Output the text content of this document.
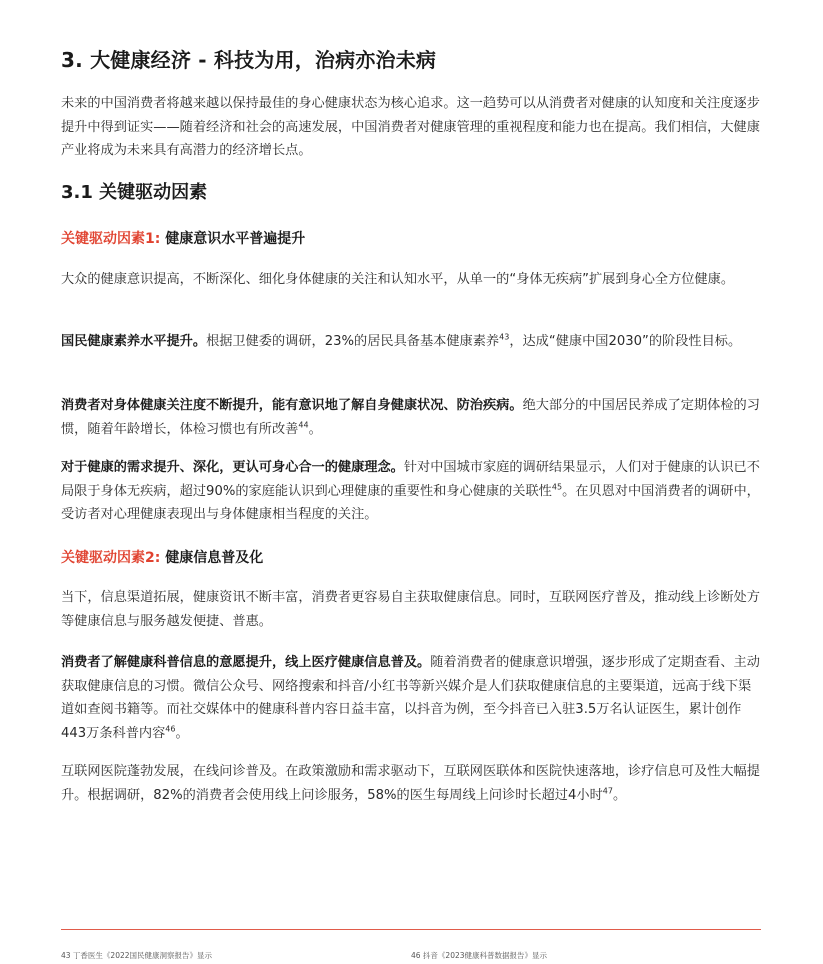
3. 大健康经济 - 科技为用，治病亦治未病

未来的中国消费者将越来越以保持最佳的身心健康状态为核心追求。这一趋势可以从消费者对健康的认知度和关注度逐步提升中得到证实——随着经济和社会的高速发展，中国消费者对健康管理的重视程度和能力也在提高。我们相信，大健康产业将成为未来具有高潜力的经济增长点。

3.1 关键驱动因素
关键驱动因素1: 健康意识水平普遍提升

大众的健康意识提高，不断深化、细化身体健康的关注和认知水平，从单一的“身体无疾病”扩展到身心全方位健康。

国民健康素养水平提升。根据卫健委的调研，23%的居民具备基本健康素养$^{43}$，达成“健康中国2030”的阶段性目标。

消费者对身体健康关注度不断提升，能有意识地了解自身健康状况、防治疾病。绝大部分的中国居民养成了定期体检的习惯，随着年龄增长，体检习惯也有所改善$^{44}$。

对于健康的需求提升、深化，更认可身心合一的健康理念。针对中国城市家庭的调研结果显示，人们对于健康的认识已不局限于身体无疾病，超过90%的家庭能认识到心理健康的重要性和身心健康的关联性$^{45}$。在贝恩对中国消费者的调研中，受访者对心理健康表现出与身体健康相当程度的关注。

关键驱动因素2: 健康信息普及化

当下，信息渠道拓展，健康资讯不断丰富，消费者更容易自主获取健康信息。同时，互联网医疗普及，推动线上诊断处方等健康信息与服务越发便捷、普惠。

消费者了解健康科普信息的意愿提升，线上医疗健康信息普及。随着消费者的健康意识增强，逐步形成了定期查看、主动获取健康信息的习惯。微信公众号、网络搜索和抖音/小红书等新兴媒介是人们获取健康信息的主要渠道，远高于线下渠道如查阅书籍等。而社交媒体中的健康科普内容日益丰富，以抖音为例，至今抖音已入驻3.5万名认证医生，累计创作443万条科普内容$^{46}$。

互联网医院蓬勃发展，在线问诊普及。在政策激励和需求驱动下，互联网医联体和医院快速落地，诊疗信息可及性大幅提升。根据调研，82%的消费者会使用线上问诊服务，58%的医生每周线上问诊时长超过4小时$^{47}$。

43 丁香医生《2022国民健康洞察报告》显示	46 抖音《2023健康科普数据报告》显示
